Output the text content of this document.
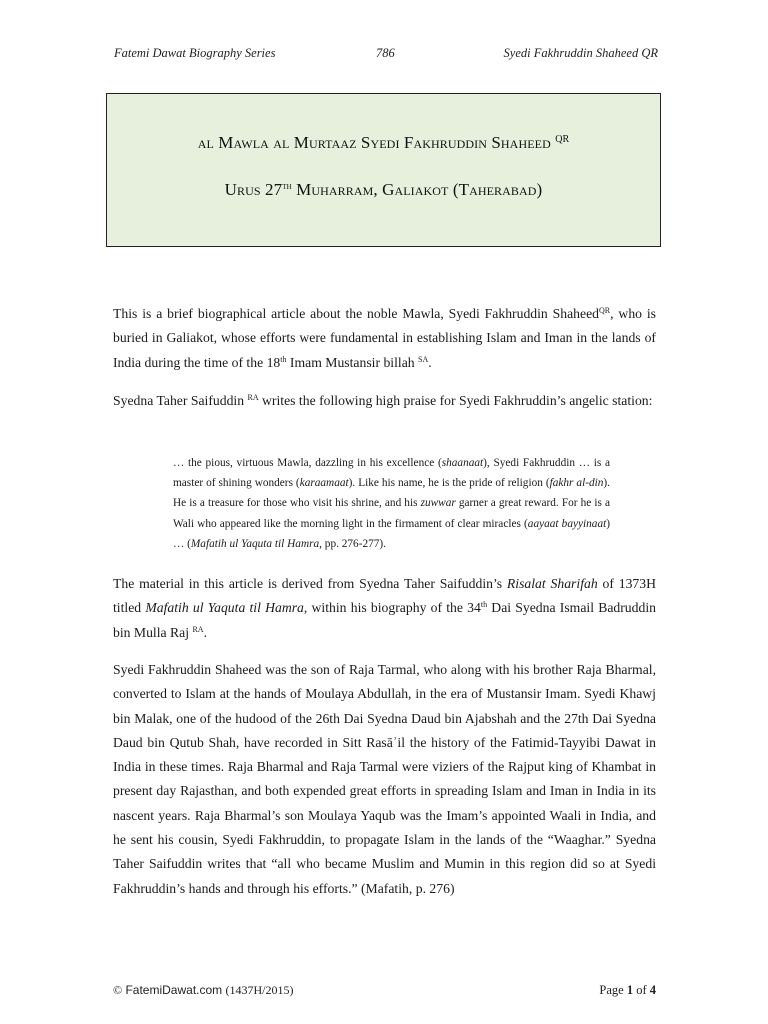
Fatemi Dawat Biography Series	786	Syedi Fakhruddin Shaheed QR
al Mawla al Murtaaz Syedi Fakhruddin Shaheed $^{QR}$
Urus 27th Muharram, Galiakot (Taherabad)
This is a brief biographical article about the noble Mawla, Syedi Fakhruddin Shaheed$^{QR}$, who is buried in Galiakot, whose efforts were fundamental in establishing Islam and Iman in the lands of India during the time of the 18th Imam Mustansir billah $^{SA}$.
Syedna Taher Saifuddin $^{RA}$ writes the following high praise for Syedi Fakhruddin’s angelic station:
… the pious, virtuous Mawla, dazzling in his excellence (shaanaat), Syedi Fakhruddin … is a master of shining wonders (karaamaat). Like his name, he is the pride of religion (fakhr al-din). He is a treasure for those who visit his shrine, and his zuwwar garner a great reward. For he is a Wali who appeared like the morning light in the firmament of clear miracles (aayaat bayyinaat) … (Mafatih ul Yaquta til Hamra, pp. 276-277).
The material in this article is derived from Syedna Taher Saifuddin’s Risalat Sharifah of 1373H titled Mafatih ul Yaquta til Hamra, within his biography of the 34th Dai Syedna Ismail Badruddin bin Mulla Raj $^{RA}$.
Syedi Fakhruddin Shaheed was the son of Raja Tarmal, who along with his brother Raja Bharmal, converted to Islam at the hands of Moulaya Abdullah, in the era of Mustansir Imam. Syedi Khawj bin Malak, one of the hudood of the 26th Dai Syedna Daud bin Ajabshah and the 27th Dai Syedna Daud bin Qutub Shah, have recorded in Sitt Rasāʾil the history of the Fatimid-Tayyibi Dawat in India in these times. Raja Bharmal and Raja Tarmal were viziers of the Rajput king of Khambat in present day Rajasthan, and both expended great efforts in spreading Islam and Iman in India in its nascent years. Raja Bharmal’s son Moulaya Yaqub was the Imam’s appointed Waali in India, and he sent his cousin, Syedi Fakhruddin, to propagate Islam in the lands of the “Waaghar.” Syedna Taher Saifuddin writes that “all who became Muslim and Mumin in this region did so at Syedi Fakhruddin’s hands and through his efforts.” (Mafatih, p. 276)
© FatemiDawat.com (1437H/2015)	Page 1 of 4
